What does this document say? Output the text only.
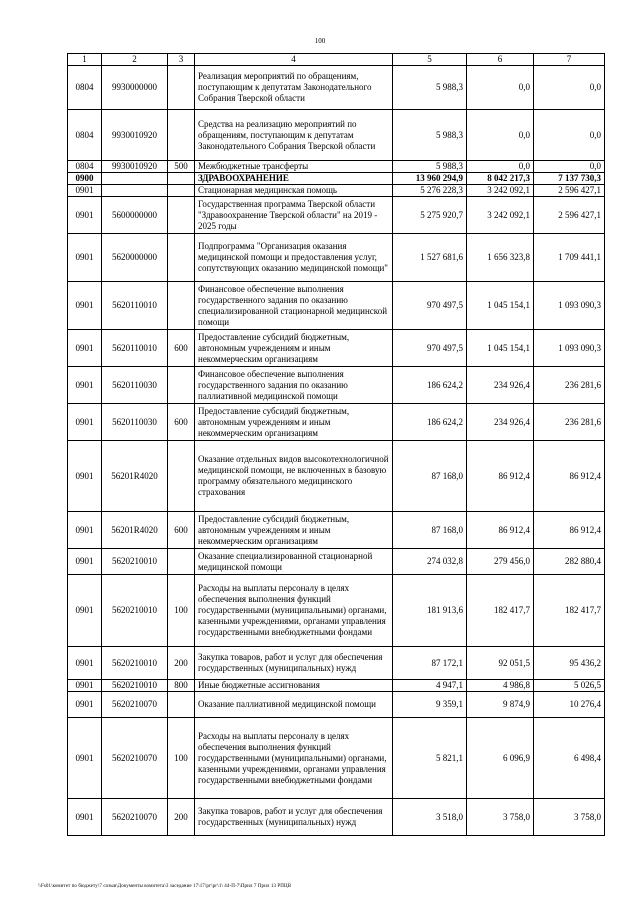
100
1	2	3	4	5	6	7
0804	9930000000		Реализация мероприятий по обращениям, поступающим к депутатам Законодательного Собрания Тверской области	5 988,3	0,0	0,0
0804	9930010920		Средства на реализацию мероприятий по обращениям, поступающим к депутатам Законодательного Собрания Тверской области	5 988,3	0,0	0,0
0804	9930010920	500	Межбюджетные трансферты	5 988,3	0,0	0,0
0900			ЗДРАВООХРАНЕНИЕ	13 960 294,9	8 042 217,3	7 137 730,3
0901			Стационарная медицинская помощь	5 276 228,3	3 242 092,1	2 596 427,1
0901	5600000000		Государственная программа Тверской области "Здравоохранение Тверской области" на 2019 - 2025 годы	5 275 920,7	3 242 092,1	2 596 427,1
0901	5620000000		Подпрограмма "Организация оказания медицинской помощи и предоставления услуг, сопутствующих оказанию медицинской помощи"	1 527 681,6	1 656 323,8	1 709 441,1
0901	5620110010		Финансовое обеспечение выполнения государственного задания по оказанию специализированной стационарной медицинской помощи	970 497,5	1 045 154,1	1 093 090,3
0901	5620110010	600	Предоставление субсидий бюджетным, автономным учреждениям и иным некоммерческим организациям	970 497,5	1 045 154,1	1 093 090,3
0901	5620110030		Финансовое обеспечение выполнения государственного задания по оказанию паллиативной медицинской помощи	186 624,2	234 926,4	236 281,6
0901	5620110030	600	Предоставление субсидий бюджетным, автономным учреждениям и иным некоммерческим организациям	186 624,2	234 926,4	236 281,6
0901	56201R4020		Оказание отдельных видов высокотехнологичной медицинской помощи, не включенных в базовую программу обязательного медицинского страхования	87 168,0	86 912,4	86 912,4
0901	56201R4020	600	Предоставление субсидий бюджетным, автономным учреждениям и иным некоммерческим организациям	87 168,0	86 912,4	86 912,4
0901	5620210010		Оказание специализированной стационарной медицинской помощи	274 032,8	279 456,0	282 880,4
0901	5620210010	100	Расходы на выплаты персоналу в целях обеспечения выполнения функций государственными (муниципальными) органами, казенными учреждениями, органами управления государственными внебюджетными фондами	181 913,6	182 417,7	182 417,7
0901	5620210010	200	Закупка товаров, работ и услуг для обеспечения государственных (муниципальных) нужд	87 172,1	92 051,5	95 436,2
0901	5620210010	800	Иные бюджетные ассигнования	4 947,1	4 986,8	5 026,5
0901	5620210070		Оказание паллиативной медицинской помощи	9 359,1	9 874,9	10 276,4
0901	5620210070	100	Расходы на выплаты персоналу в целях обеспечения выполнения функций государственными (муниципальными) органами, казенными учреждениями, органами управления государственными внебюджетными фондами	5 821,1	6 096,9	6 498,4
0901	5620210070	200	Закупка товаров, работ и услуг для обеспечения государственных (муниципальных) нужд	3 518,0	3 758,0	3 758,0
\\Fs01\комитет по бюджету\7 созыв\Документы комитета\3 заседание 17\17\рг\рг\1\ 44-П-7\Прил 7 Прил 13 РПЦВ
